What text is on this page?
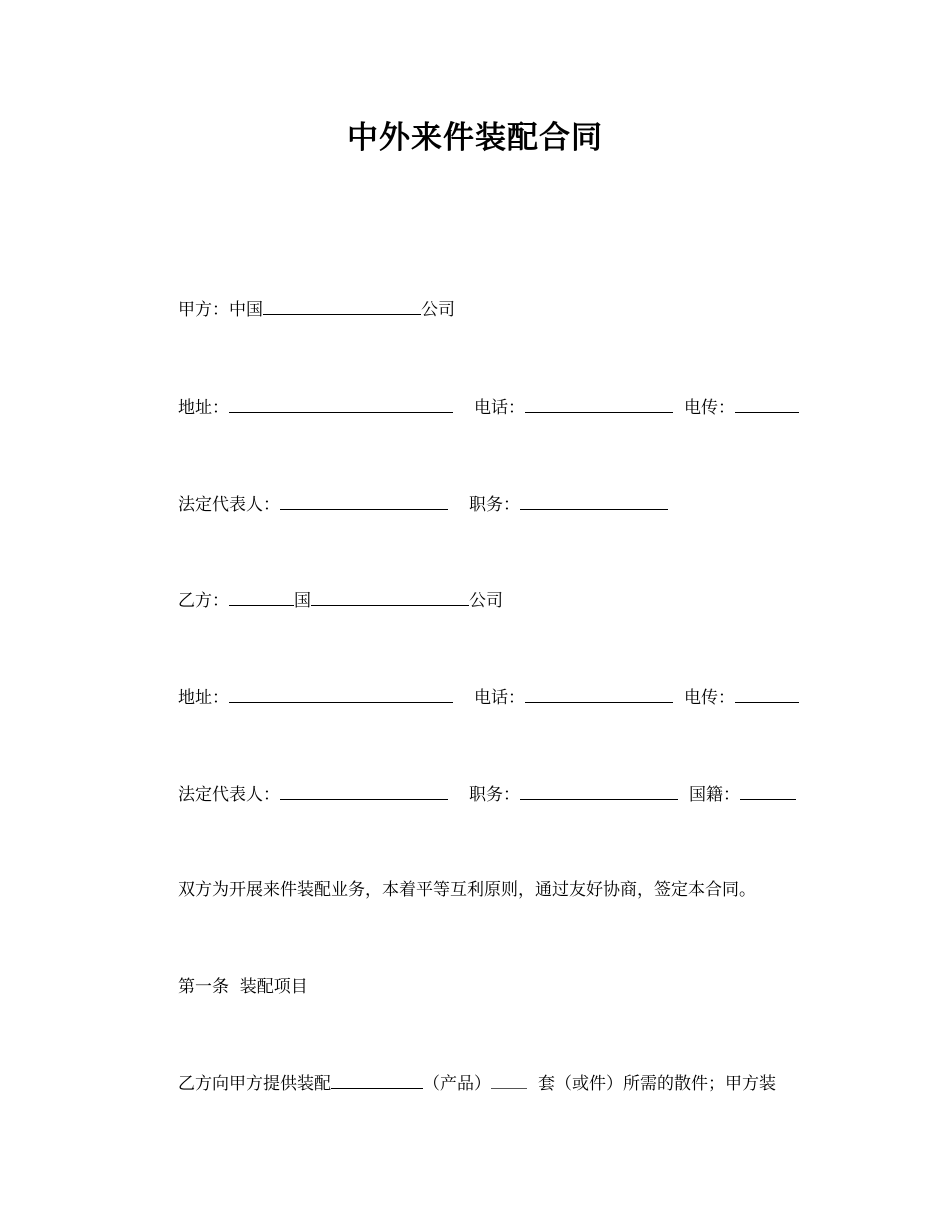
中外来件装配合同
甲方：中国	公司
地址：	电话：	电传：
法定代表人：	职务：
乙方：	国	公司
地址：	电话：	电传：
法定代表人：	职务：	国籍：
双方为开展来件装配业务，本着平等互利原则，通过友好协商，签定本合同。
第一条  装配项目
乙方向甲方提供装配	（产品）	套（或件）所需的散件；甲方装
